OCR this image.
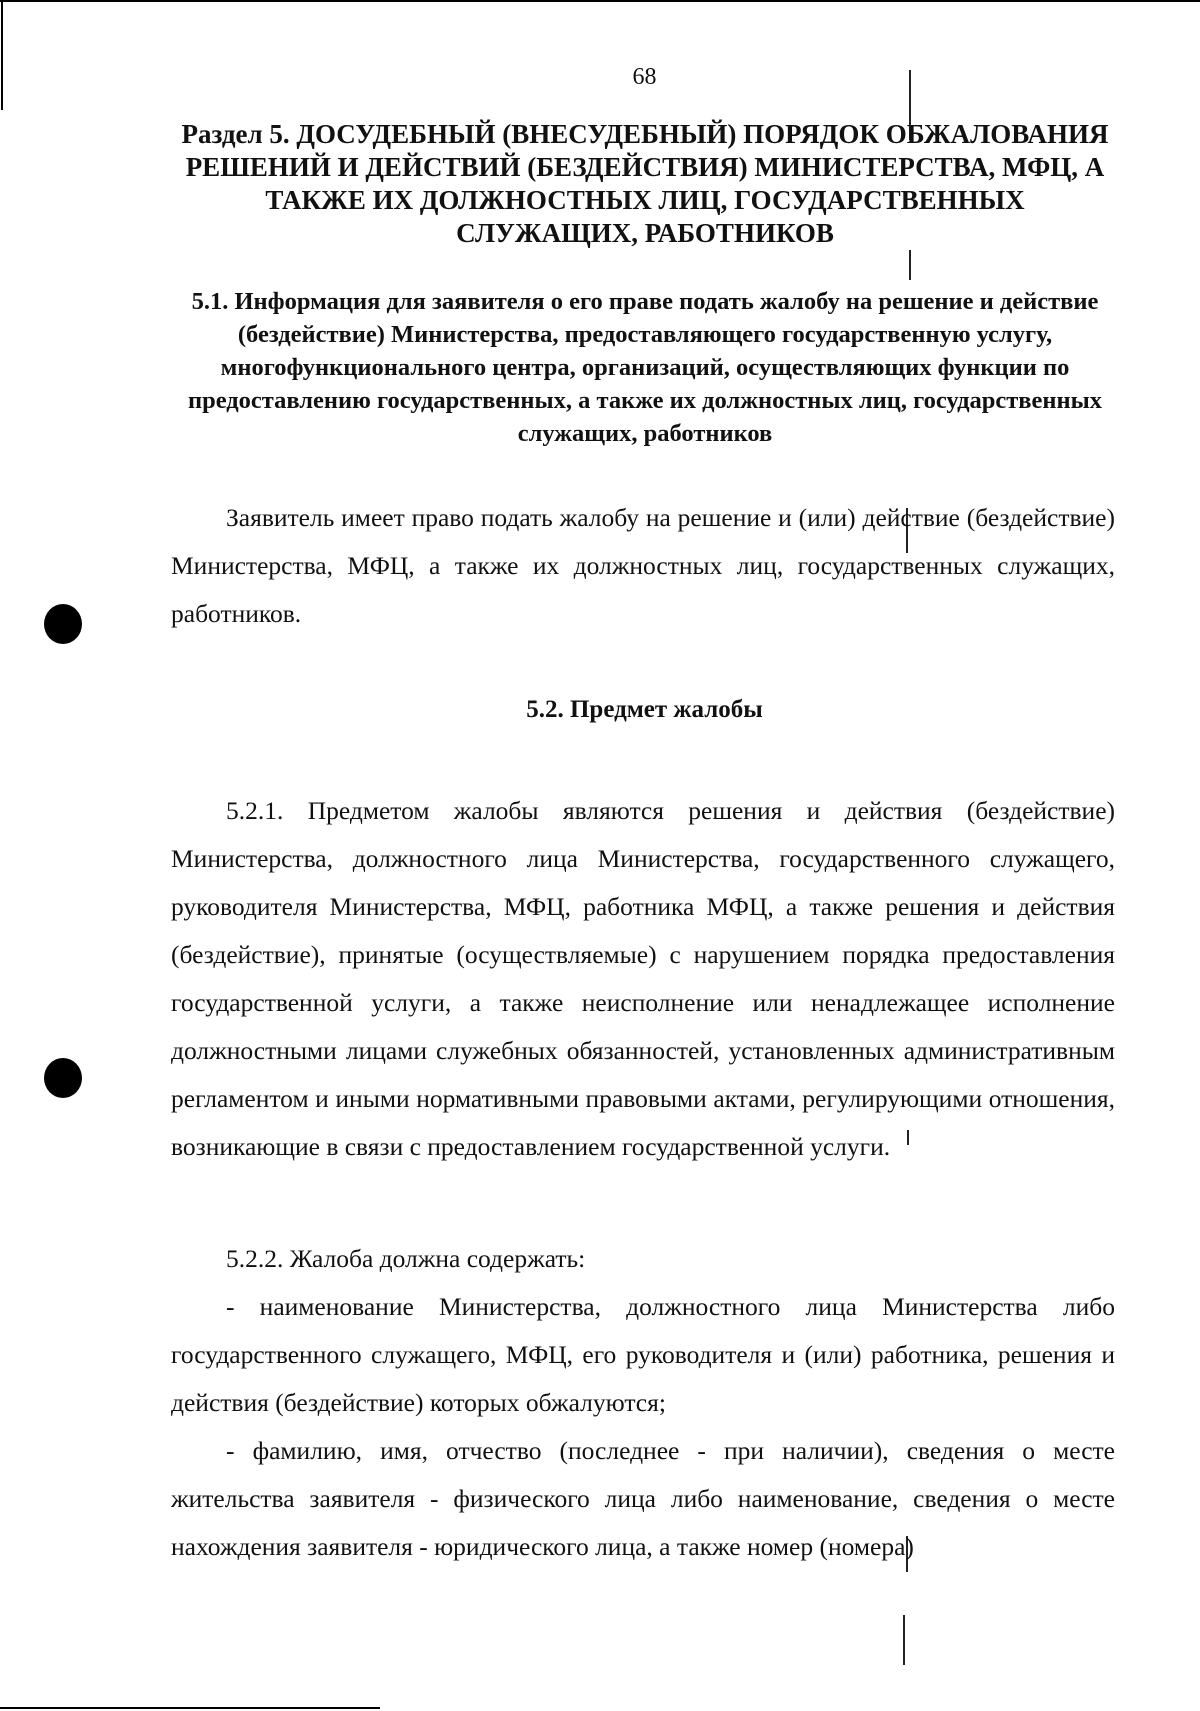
68
Раздел 5. ДОСУДЕБНЫЙ (ВНЕСУДЕБНЫЙ) ПОРЯДОК ОБЖАЛОВАНИЯ РЕШЕНИЙ И ДЕЙСТВИЙ (БЕЗДЕЙСТВИЯ) МИНИСТЕРСТВА, МФЦ, А ТАКЖЕ ИХ ДОЛЖНОСТНЫХ ЛИЦ, ГОСУДАРСТВЕННЫХ СЛУЖАЩИХ, РАБОТНИКОВ
5.1. Информация для заявителя о его праве подать жалобу на решение и действие (бездействие) Министерства, предоставляющего государственную услугу, многофункционального центра, организаций, осуществляющих функции по предоставлению государственных, а также их должностных лиц, государственных служащих, работников
Заявитель имеет право подать жалобу на решение и (или) действие (бездействие) Министерства, МФЦ, а также их должностных лиц, государственных служащих, работников.
5.2. Предмет жалобы
5.2.1. Предметом жалобы являются решения и действия (бездействие) Министерства, должностного лица Министерства, государственного служащего, руководителя Министерства, МФЦ, работника МФЦ, а также решения и действия (бездействие), принятые (осуществляемые) с нарушением порядка предоставления государственной услуги, а также неисполнение или ненадлежащее исполнение должностными лицами служебных обязанностей, установленных административным регламентом и иными нормативными правовыми актами, регулирующими отношения, возникающие в связи с предоставлением государственной услуги.
5.2.2. Жалоба должна содержать:
- наименование Министерства, должностного лица Министерства либо государственного служащего, МФЦ, его руководителя и (или) работника, решения и действия (бездействие) которых обжалуются;
- фамилию, имя, отчество (последнее - при наличии), сведения о месте жительства заявителя - физического лица либо наименование, сведения о месте нахождения заявителя - юридического лица, а также номер (номера)
